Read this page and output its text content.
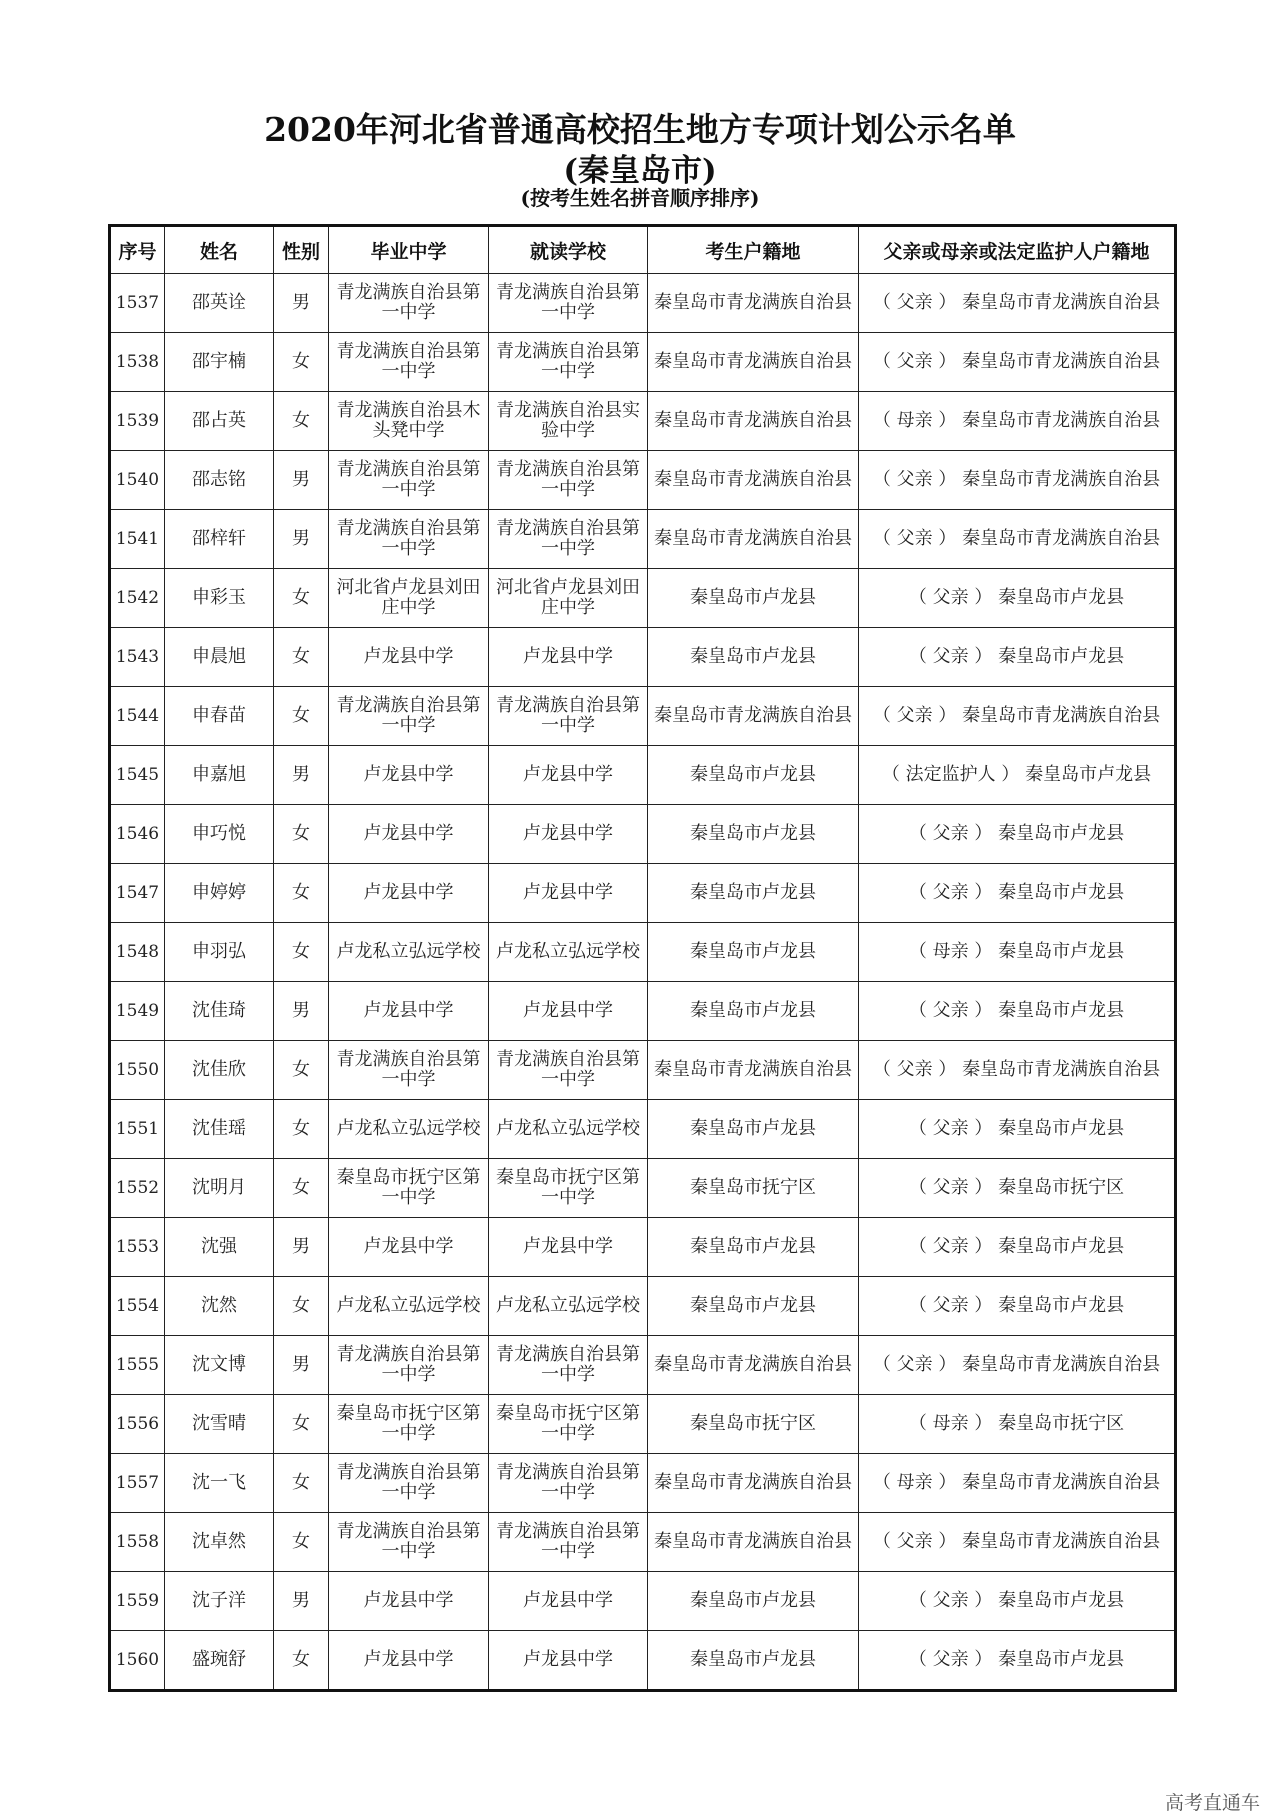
2020年河北省普通高校招生地方专项计划公示名单
(秦皇岛市)
(按考生姓名拼音顺序排序)
序号	姓名	性别	毕业中学	就读学校	考生户籍地	父亲或母亲或法定监护人户籍地
1537	邵英诠	男	青龙满族自治县第一中学	青龙满族自治县第一中学	秦皇岛市青龙满族自治县	（ 父亲 ） 秦皇岛市青龙满族自治县
1538	邵宇楠	女	青龙满族自治县第一中学	青龙满族自治县第一中学	秦皇岛市青龙满族自治县	（ 父亲 ） 秦皇岛市青龙满族自治县
1539	邵占英	女	青龙满族自治县木头凳中学	青龙满族自治县实验中学	秦皇岛市青龙满族自治县	（ 母亲 ） 秦皇岛市青龙满族自治县
1540	邵志铭	男	青龙满族自治县第一中学	青龙满族自治县第一中学	秦皇岛市青龙满族自治县	（ 父亲 ） 秦皇岛市青龙满族自治县
1541	邵梓轩	男	青龙满族自治县第一中学	青龙满族自治县第一中学	秦皇岛市青龙满族自治县	（ 父亲 ） 秦皇岛市青龙满族自治县
1542	申彩玉	女	河北省卢龙县刘田庄中学	河北省卢龙县刘田庄中学	秦皇岛市卢龙县	（ 父亲 ） 秦皇岛市卢龙县
1543	申晨旭	女	卢龙县中学	卢龙县中学	秦皇岛市卢龙县	（ 父亲 ） 秦皇岛市卢龙县
1544	申春苗	女	青龙满族自治县第一中学	青龙满族自治县第一中学	秦皇岛市青龙满族自治县	（ 父亲 ） 秦皇岛市青龙满族自治县
1545	申嘉旭	男	卢龙县中学	卢龙县中学	秦皇岛市卢龙县	（ 法定监护人 ） 秦皇岛市卢龙县
1546	申巧悦	女	卢龙县中学	卢龙县中学	秦皇岛市卢龙县	（ 父亲 ） 秦皇岛市卢龙县
1547	申婷婷	女	卢龙县中学	卢龙县中学	秦皇岛市卢龙县	（ 父亲 ） 秦皇岛市卢龙县
1548	申羽弘	女	卢龙私立弘远学校	卢龙私立弘远学校	秦皇岛市卢龙县	（ 母亲 ） 秦皇岛市卢龙县
1549	沈佳琦	男	卢龙县中学	卢龙县中学	秦皇岛市卢龙县	（ 父亲 ） 秦皇岛市卢龙县
1550	沈佳欣	女	青龙满族自治县第一中学	青龙满族自治县第一中学	秦皇岛市青龙满族自治县	（ 父亲 ） 秦皇岛市青龙满族自治县
1551	沈佳瑶	女	卢龙私立弘远学校	卢龙私立弘远学校	秦皇岛市卢龙县	（ 父亲 ） 秦皇岛市卢龙县
1552	沈明月	女	秦皇岛市抚宁区第一中学	秦皇岛市抚宁区第一中学	秦皇岛市抚宁区	（ 父亲 ） 秦皇岛市抚宁区
1553	沈强	男	卢龙县中学	卢龙县中学	秦皇岛市卢龙县	（ 父亲 ） 秦皇岛市卢龙县
1554	沈然	女	卢龙私立弘远学校	卢龙私立弘远学校	秦皇岛市卢龙县	（ 父亲 ） 秦皇岛市卢龙县
1555	沈文博	男	青龙满族自治县第一中学	青龙满族自治县第一中学	秦皇岛市青龙满族自治县	（ 父亲 ） 秦皇岛市青龙满族自治县
1556	沈雪晴	女	秦皇岛市抚宁区第一中学	秦皇岛市抚宁区第一中学	秦皇岛市抚宁区	（ 母亲 ） 秦皇岛市抚宁区
1557	沈一飞	女	青龙满族自治县第一中学	青龙满族自治县第一中学	秦皇岛市青龙满族自治县	（ 母亲 ） 秦皇岛市青龙满族自治县
1558	沈卓然	女	青龙满族自治县第一中学	青龙满族自治县第一中学	秦皇岛市青龙满族自治县	（ 父亲 ） 秦皇岛市青龙满族自治县
1559	沈子洋	男	卢龙县中学	卢龙县中学	秦皇岛市卢龙县	（ 父亲 ） 秦皇岛市卢龙县
1560	盛琬舒	女	卢龙县中学	卢龙县中学	秦皇岛市卢龙县	（ 父亲 ） 秦皇岛市卢龙县
高考直通车
